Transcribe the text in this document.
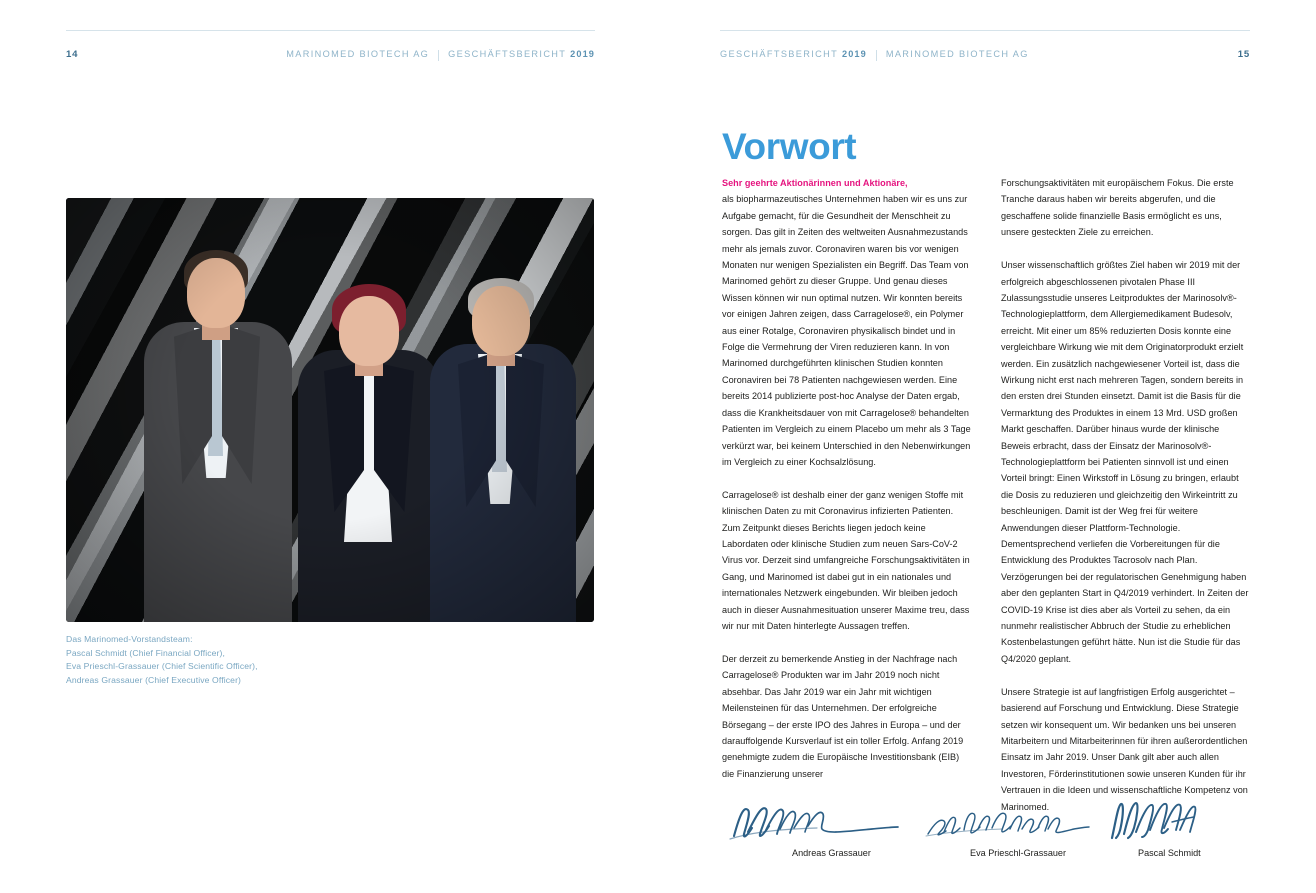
14	MARINOMED BIOTECH AG GESCHÄFTSBERICHT 2019
Das Marinomed-Vorstandsteam:
Pascal Schmidt (Chief Financial Officer),
Eva Prieschl-Grassauer (Chief Scientific Officer),
Andreas Grassauer (Chief Executive Officer)
GESCHÄFTSBERICHT 2019 MARINOMED BIOTECH AG	15
Vorwort

Sehr geehrte Aktionärinnen und Aktionäre,

als biopharmazeutisches Unternehmen haben wir es uns zur Aufgabe gemacht, für die Gesundheit der Menschheit zu sorgen. Das gilt in Zeiten des weltweiten Ausnahmezustands mehr als jemals zuvor. Coronaviren waren bis vor wenigen Monaten nur wenigen Spezialisten ein Begriff. Das Team von Marinomed gehört zu dieser Gruppe. Und genau dieses Wissen können wir nun optimal nutzen. Wir konnten bereits vor einigen Jahren zeigen, dass Carragelose®, ein Polymer aus einer Rotalge, Coronaviren physikalisch bindet und in Folge die Vermehrung der Viren reduzieren kann. In von Marinomed durchgeführten klinischen Studien konnten Coronaviren bei 78 Patienten nachgewiesen werden. Eine bereits 2014 publizierte post-hoc Analyse der Daten ergab, dass die Krankheitsdauer von mit Carragelose® behandelten Patienten im Vergleich zu einem Placebo um mehr als 3 Tage verkürzt war, bei keinem Unterschied in den Nebenwirkungen im Vergleich zu einer Kochsalzlösung.

Carragelose® ist deshalb einer der ganz wenigen Stoffe mit klinischen Daten zu mit Coronavirus infizierten Patienten. Zum Zeitpunkt dieses Berichts liegen jedoch keine Labordaten oder klinische Studien zum neuen Sars-CoV-2 Virus vor. Derzeit sind umfangreiche Forschungsaktivitäten in Gang, und Marinomed ist dabei gut in ein nationales und internationales Netzwerk eingebunden. Wir bleiben jedoch auch in dieser Ausnahmesituation unserer Maxime treu, dass wir nur mit Daten hinterlegte Aussagen treffen.

Der derzeit zu bemerkende Anstieg in der Nachfrage nach Carragelose® Produkten war im Jahr 2019 noch nicht absehbar. Das Jahr 2019 war ein Jahr mit wichtigen Meilensteinen für das Unternehmen. Der erfolgreiche Börsegang – der erste IPO des Jahres in Europa – und der darauffolgende Kursverlauf ist ein toller Erfolg. Anfang 2019 genehmigte zudem die Europäische Investitionsbank (EIB) die Finanzierung unserer

Forschungsaktivitäten mit europäischem Fokus. Die erste Tranche daraus haben wir bereits abgerufen, und die geschaffene solide finanzielle Basis ermöglicht es uns, unsere gesteckten Ziele zu erreichen.

Unser wissenschaftlich größtes Ziel haben wir 2019 mit der erfolgreich abgeschlossenen pivotalen Phase III Zulassungsstudie unseres Leitproduktes der Marinosolv®-Technologieplattform, dem Allergiemedikament Budesolv, erreicht. Mit einer um 85% reduzierten Dosis konnte eine vergleichbare Wirkung wie mit dem Originatorprodukt erzielt werden. Ein zusätzlich nachgewiesener Vorteil ist, dass die Wirkung nicht erst nach mehreren Tagen, sondern bereits in den ersten drei Stunden einsetzt. Damit ist die Basis für die Vermarktung des Produktes in einem 13 Mrd. USD großen Markt geschaffen. Darüber hinaus wurde der klinische Beweis erbracht, dass der Einsatz der Marinosolv®-Technologieplattform bei Patienten sinnvoll ist und einen Vorteil bringt: Einen Wirkstoff in Lösung zu bringen, erlaubt die Dosis zu reduzieren und gleichzeitig den Wirkeintritt zu beschleunigen. Damit ist der Weg frei für weitere Anwendungen dieser Plattform-Technologie. Dementsprechend verliefen die Vorbereitungen für die Entwicklung des Produktes Tacrosolv nach Plan. Verzögerungen bei der regulatorischen Genehmigung haben aber den geplanten Start in Q4/2019 verhindert. In Zeiten der COVID-19 Krise ist dies aber als Vorteil zu sehen, da ein nunmehr realistischer Abbruch der Studie zu erheblichen Kostenbelastungen geführt hätte. Nun ist die Studie für das Q4/2020 geplant.

Unsere Strategie ist auf langfristigen Erfolg ausgerichtet – basierend auf Forschung und Entwicklung. Diese Strategie setzen wir konsequent um. Wir bedanken uns bei unseren Mitarbeitern und Mitarbeiterinnen für ihren außerordentlichen Einsatz im Jahr 2019. Unser Dank gilt aber auch allen Investoren, Förderinstitutionen sowie unseren Kunden für ihr Vertrauen in die Ideen und wissenschaftliche Kompetenz von Marinomed.

Andreas Grassauer	Eva Prieschl-Grassauer	Pascal Schmidt
